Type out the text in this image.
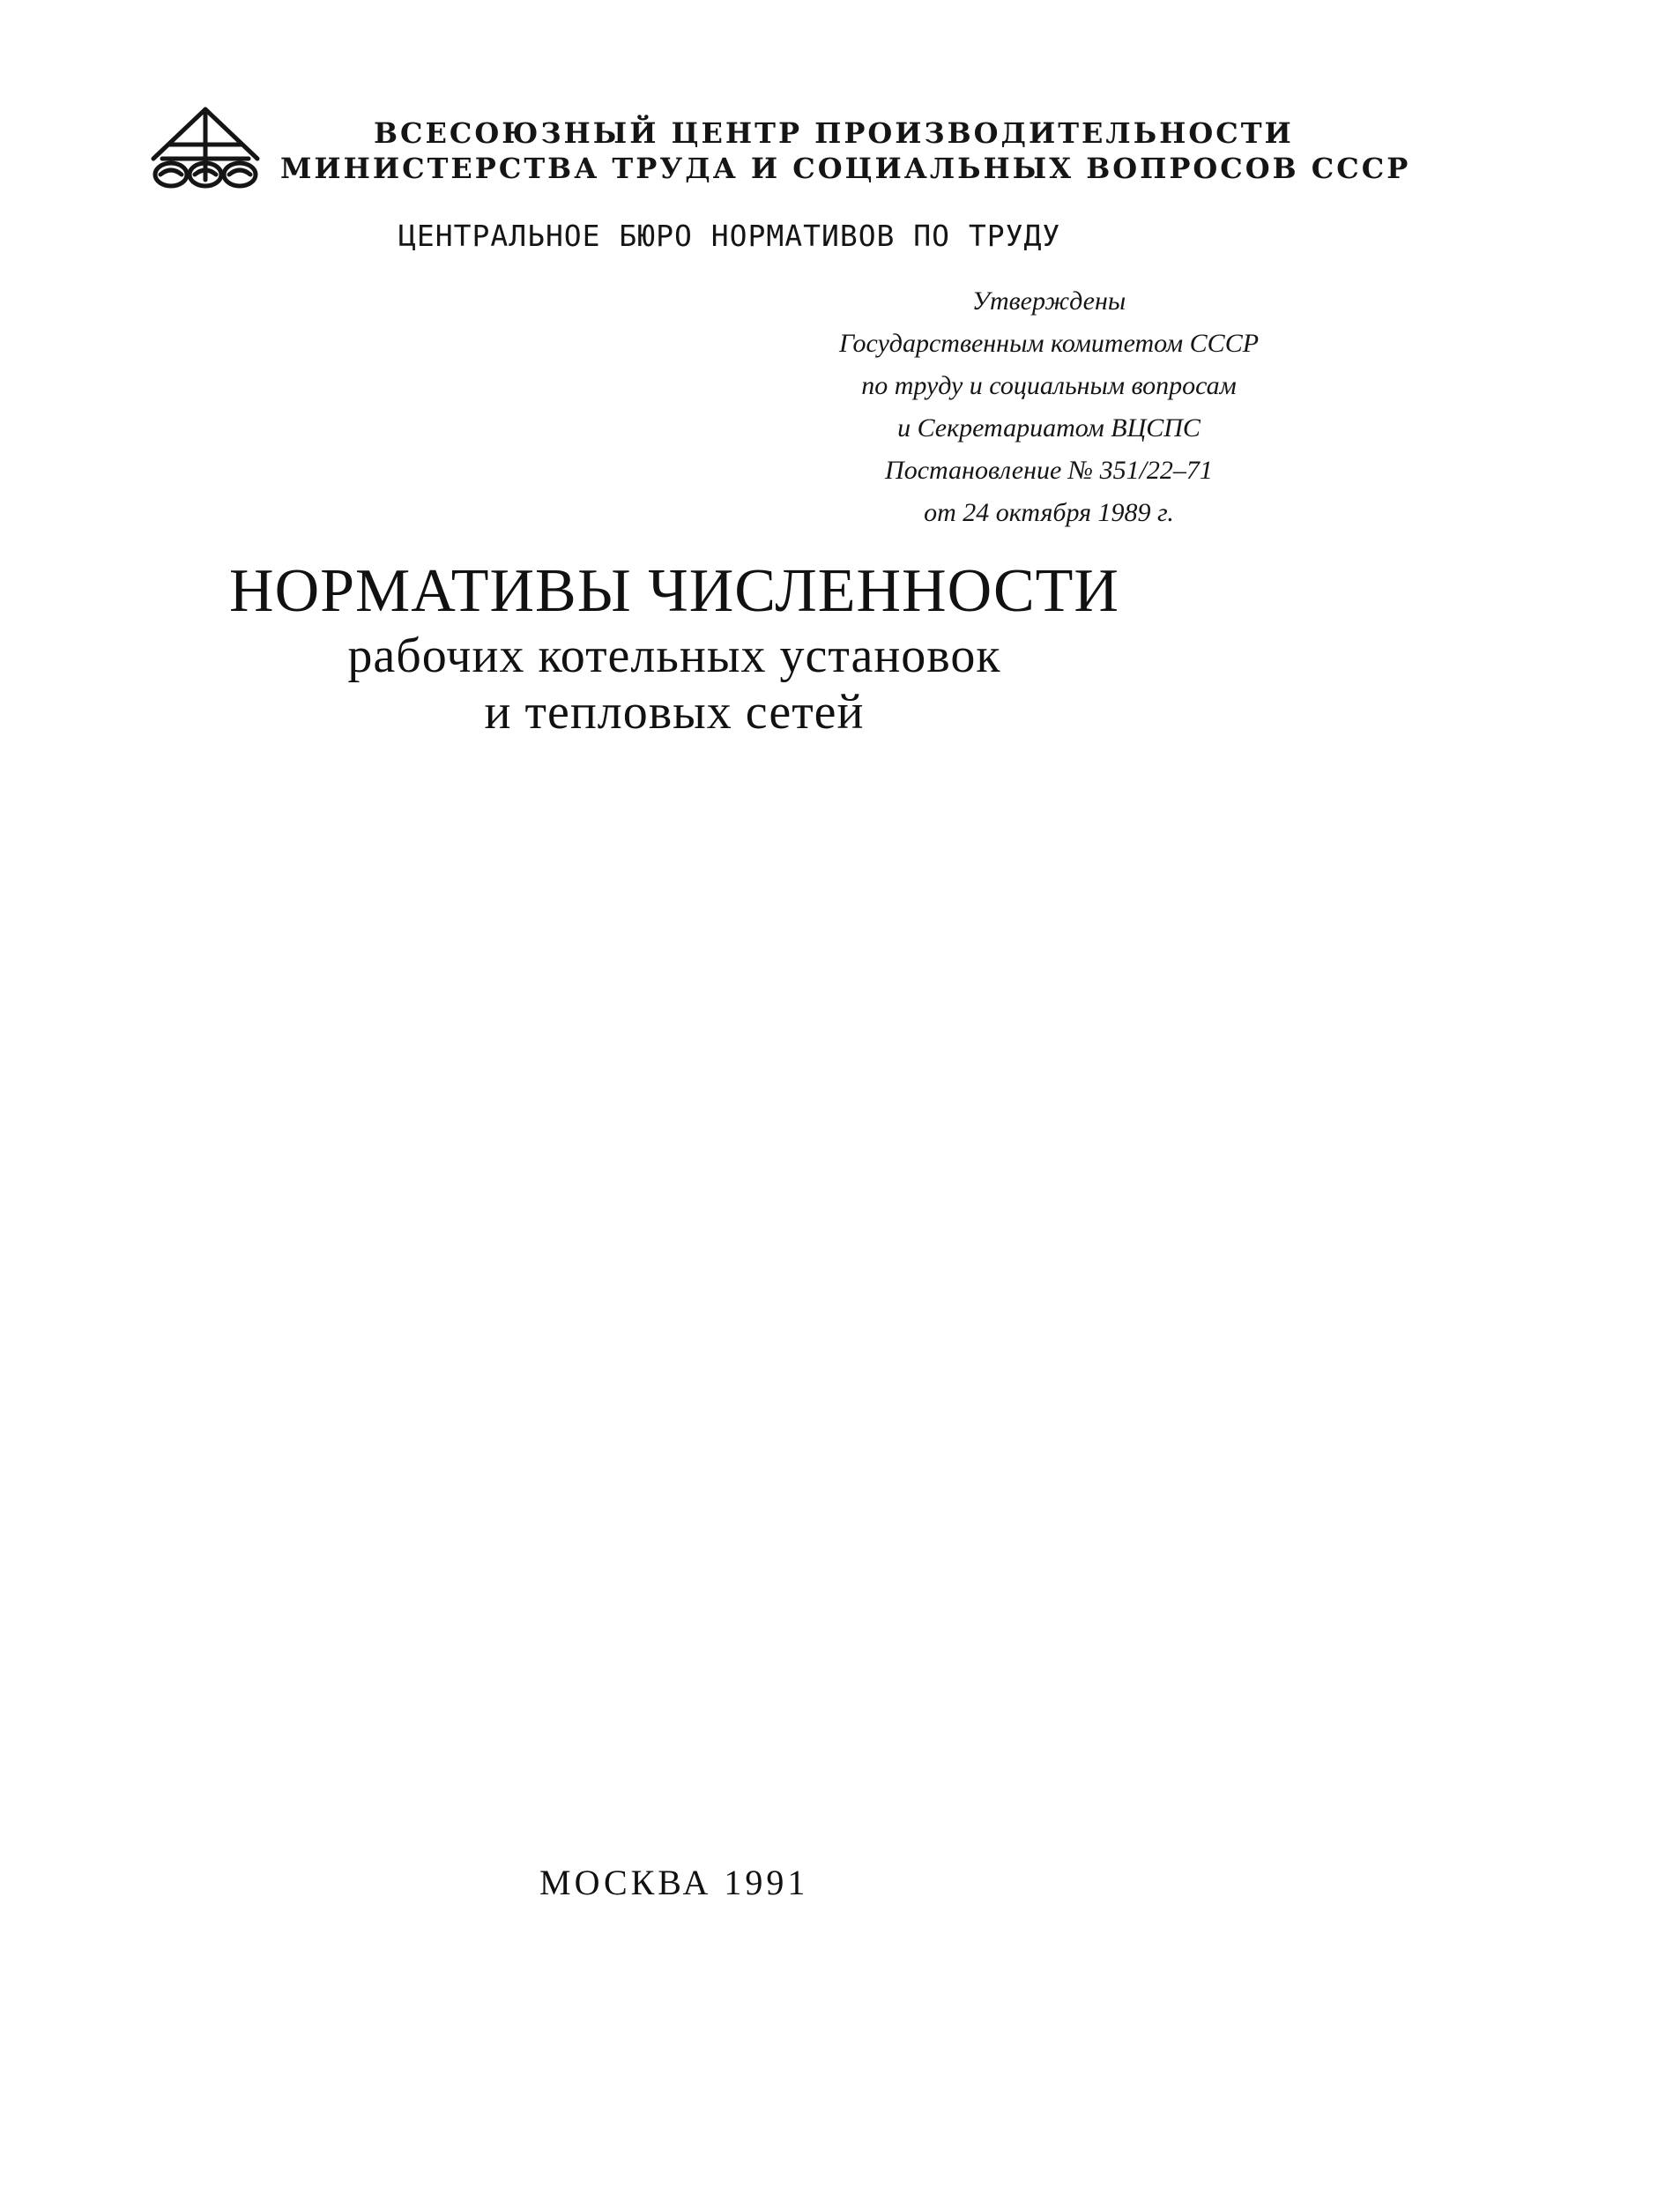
ВСЕСОЮЗНЫЙ ЦЕНТР ПРОИЗВОДИТЕЛЬНОСТИ
МИНИСТЕРСТВА ТРУДА И СОЦИАЛЬНЫХ ВОПРОСОВ СССР
ЦЕНТРАЛЬНОЕ БЮРО НОРМАТИВОВ ПО ТРУДУ
Утверждены
Государственным комитетом СССР
по труду и социальным вопросам
и Секретариатом ВЦСПС
Постановление № 351/22–71
от 24 октября 1989 г.
НОРМАТИВЫ ЧИСЛЕННОСТИ
рабочих котельных установок
и тепловых сетей
МОСКВА 1991
